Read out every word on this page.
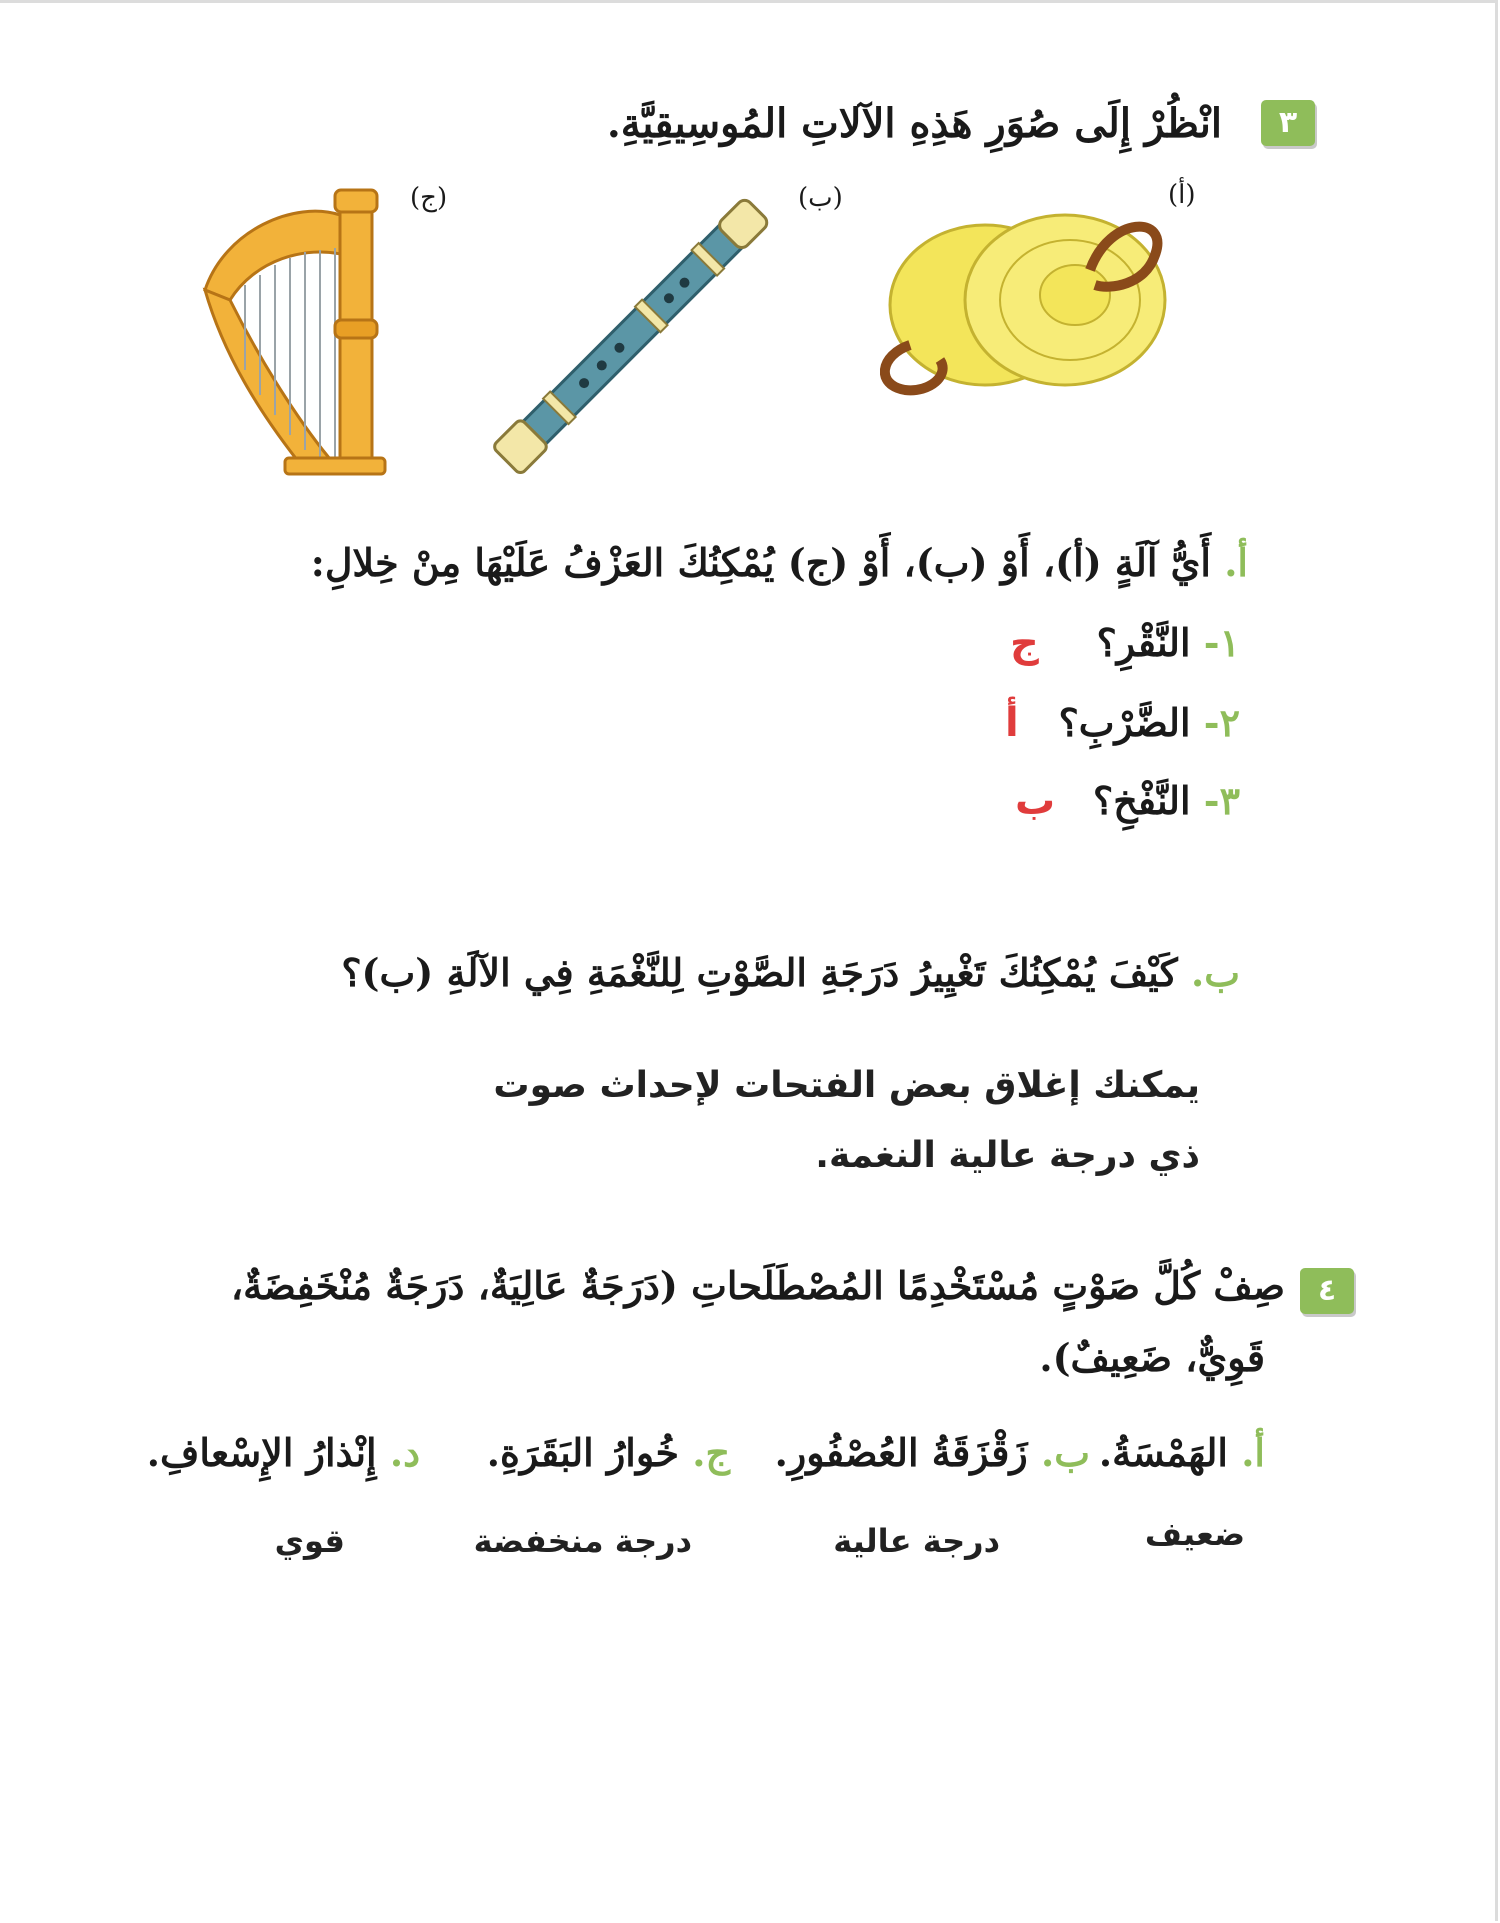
٣
انْظُرْ إِلَى صُوَرِ هَذِهِ الآلاتِ المُوسِيقِيَّةِ.
(أ)
(ب)
(ج)
أ. أَيُّ آلَةٍ (أ)، أَوْ (ب)، أَوْ (ج) يُمْكِنُكَ العَزْفُ عَلَيْهَا مِنْ خِلالِ:
١- النَّقْرِ؟
ج
٢- الضَّرْبِ؟
أ
٣- النَّفْخِ؟
ب
ب. كَيْفَ يُمْكِنُكَ تَغْيِيرُ دَرَجَةِ الصَّوْتِ لِلنَّغْمَةِ فِي الآلَةِ (ب)؟
يمكنك إغلاق بعض الفتحات لإحداث صوت
ذي درجة عالية النغمة.
٤
صِفْ كُلَّ صَوْتٍ مُسْتَخْدِمًا المُصْطَلَحاتِ (دَرَجَةٌ عَالِيَةٌ، دَرَجَةٌ مُنْخَفِضَةٌ،
قَوِيٌّ، ضَعِيفٌ).
أ. الهَمْسَةُ.
ب. زَقْزَقَةُ العُصْفُورِ.
ج. خُوارُ البَقَرَةِ.
د. إِنْذارُ الإِسْعافِ.
ضعيف
درجة عالية
درجة منخفضة
قوي
